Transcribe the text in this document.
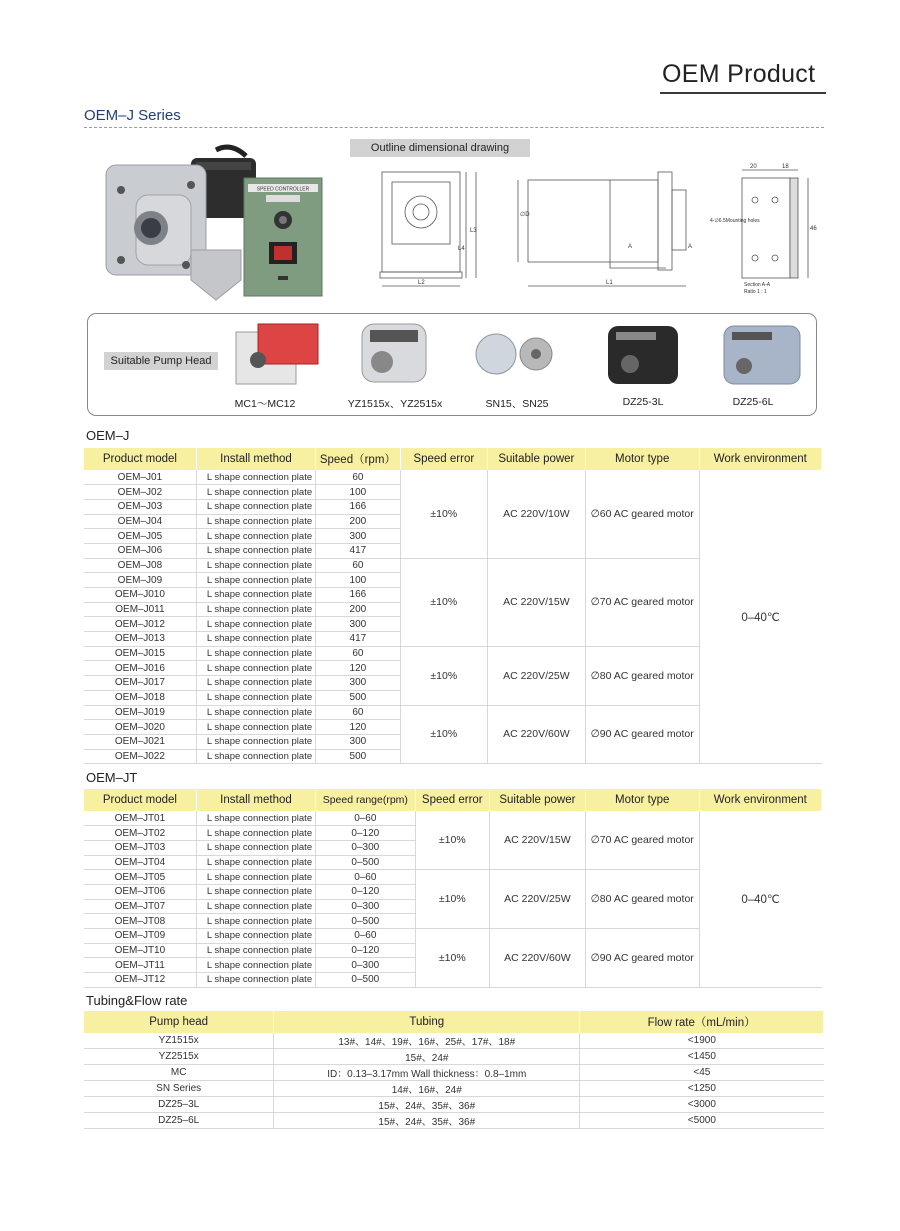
OEM Product
OEM–J Series
SPEED CONTROLLER
Outline dimensional drawing
L3
L4
L2	L1
∅D
20	18
46
4-∅6.5Mounting holes
Section A-A
Ratio 1 : 1
A	A
Suitable Pump Head
MC1～MC12	YZ1515x、YZ2515x	SN15、SN25	DZ25-3L	DZ25-6L
OEM–J
Product model	Install method	Speed（rpm）	Speed error	Suitable power	Motor type	Work environment
OEM–J01	L shape connection plate	60	±10%	AC 220V/10W	∅60 AC geared motor	0–40℃
OEM–J02	L shape connection plate	100				
OEM–J03	L shape connection plate	166				
OEM–J04	L shape connection plate	200				
OEM–J05	L shape connection plate	300				
OEM–J06	L shape connection plate	417				
OEM–J08	L shape connection plate	60	±10%	AC 220V/15W	∅70 AC geared motor	
OEM–J09	L shape connection plate	100				
OEM–J010	L shape connection plate	166				
OEM–J011	L shape connection plate	200				
OEM–J012	L shape connection plate	300				
OEM–J013	L shape connection plate	417				
OEM–J015	L shape connection plate	60	±10%	AC 220V/25W	∅80 AC geared motor	
OEM–J016	L shape connection plate	120				
OEM–J017	L shape connection plate	300				
OEM–J018	L shape connection plate	500				
OEM–J019	L shape connection plate	60	±10%	AC 220V/60W	∅90 AC geared motor	
OEM–J020	L shape connection plate	120				
OEM–J021	L shape connection plate	300				
OEM–J022	L shape connection plate	500				
OEM–JT
Product model	Install method	Speed range(rpm)	Speed error	Suitable power	Motor type	Work environment
OEM–JT01	L shape connection plate	0–60	±10%	AC 220V/15W	∅70 AC geared motor	0–40℃
OEM–JT02	L shape connection plate	0–120				
OEM–JT03	L shape connection plate	0–300				
OEM–JT04	L shape connection plate	0–500				
OEM–JT05	L shape connection plate	0–60	±10%	AC 220V/25W	∅80 AC geared motor	
OEM–JT06	L shape connection plate	0–120				
OEM–JT07	L shape connection plate	0–300				
OEM–JT08	L shape connection plate	0–500				
OEM–JT09	L shape connection plate	0–60	±10%	AC 220V/60W	∅90 AC geared motor	
OEM–JT10	L shape connection plate	0–120				
OEM–JT11	L shape connection plate	0–300				
OEM–JT12	L shape connection plate	0–500				
Tubing&Flow rate
Pump head	Tubing	Flow rate（mL/min）
YZ1515x	13#、14#、19#、16#、25#、17#、18#	<1900
YZ2515x	15#、24#	<1450
MC	ID：0.13–3.17mm Wall thickness：0.8–1mm	<45
SN Series	14#、16#、24#	<1250
DZ25–3L	15#、24#、35#、36#	<3000
DZ25–6L	15#、24#、35#、36#	<5000
